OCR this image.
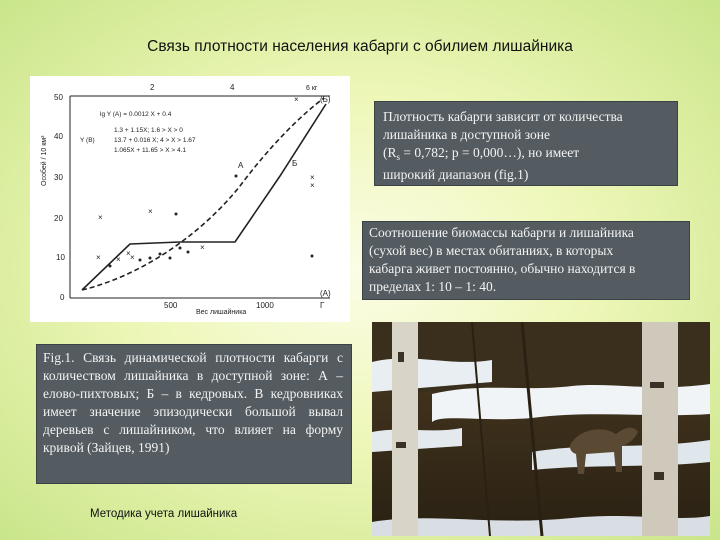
Связь плотности населения кабарги с обилием лишайника
50
40
30
20
10
0
2	4	6 кг
500	1000	Г
Вес лишайника
Особей / 10 км²
lg Y (A) = 0.0012 X + 0.4
Y (B)
1.3 + 1.15X; 1.6 > X > 0
13.7 + 0.016 X; 4 > X > 1.67
1.065X + 11.65 > X > 4.1
А	Б
(Б)
(А)
×
× × ×
×
×
×
×
×
×
Плотность кабарги зависит от количества
лишайника в доступной зоне
($R_s = 0,782$; р = 0,000…), но имеет
широкий диапазон (fig.1)
Соотношение биомассы кабарги и лишайника
(сухой вес) в местах обитаниях, в которых
кабарга живет постоянно, обычно находится в
пределах 1: 10 – 1: 40.
Fig.1. Связь динамической плотности кабарги с количеством лишайника в доступной зоне: А – елово-пихтовых; Б – в кедровых. В кедровниках имеет значение эпизодически большой вывал деревьев с лишайником, что влияет на форму кривой (Зайцев, 1991)
Методика учета лишайника
